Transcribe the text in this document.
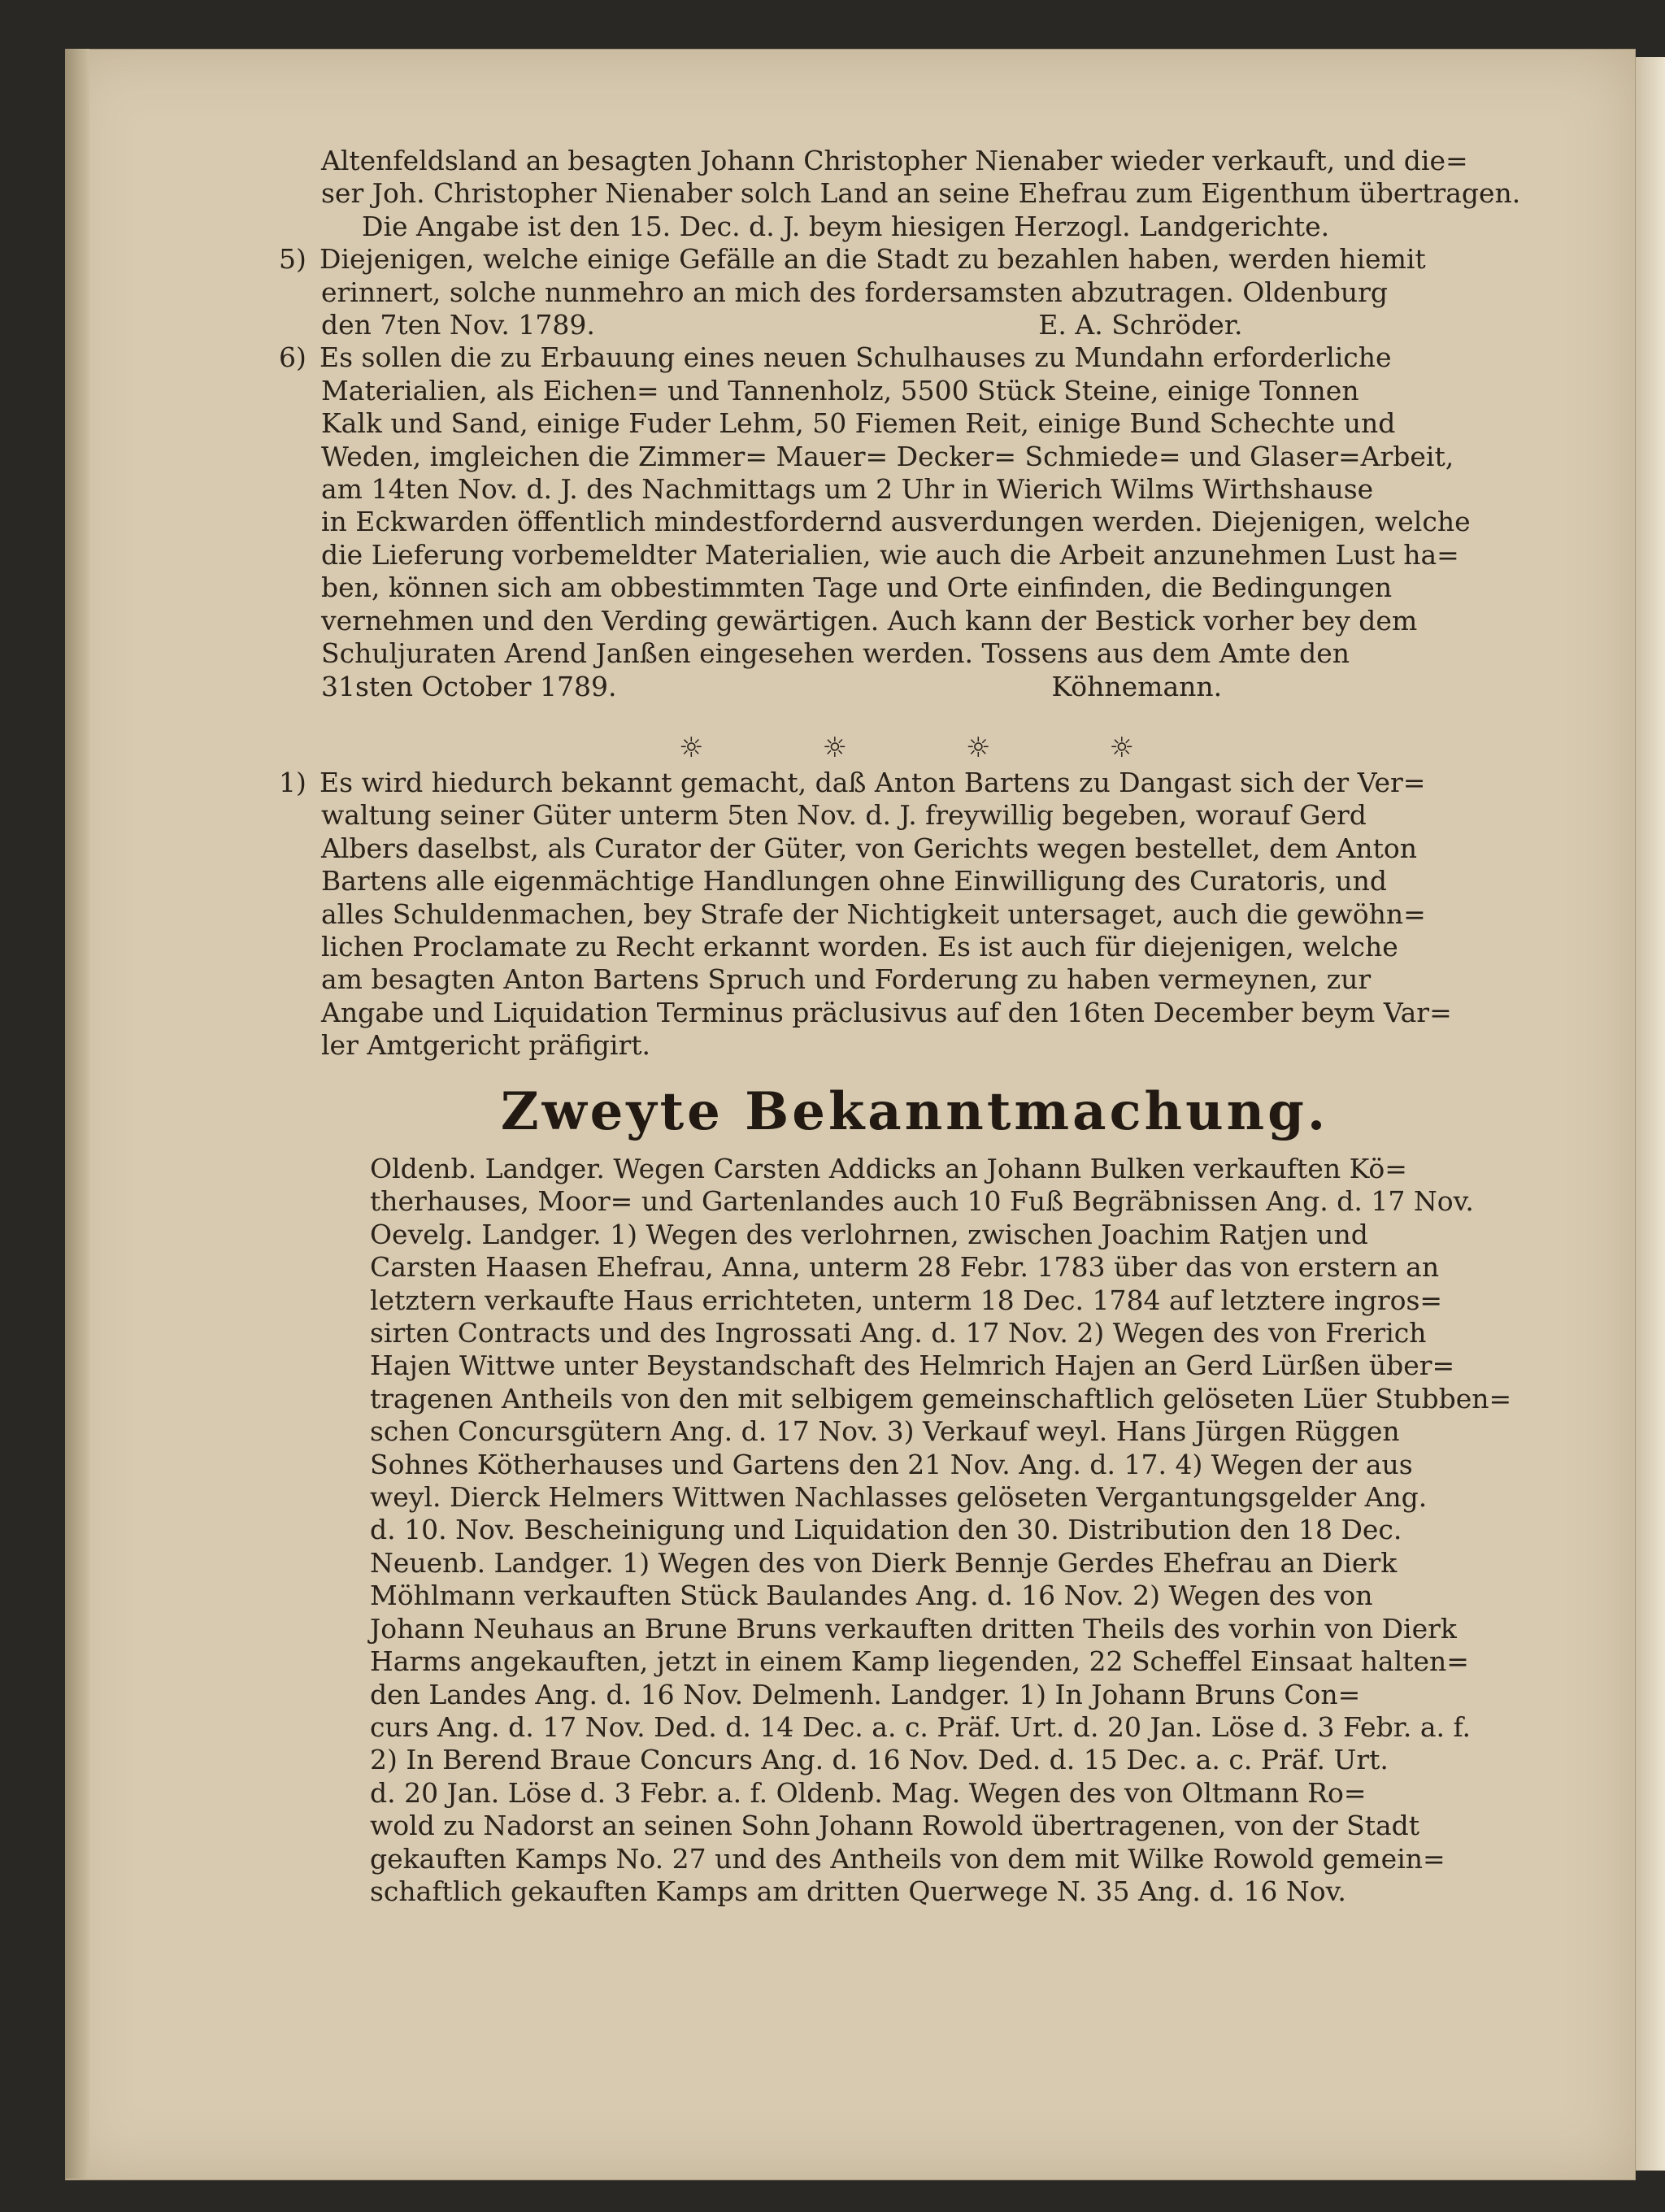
Altenfeldsland an besagten Johann Christopher Nienaber wieder verkauft, und die=
ser Joh. Christopher Nienaber solch Land an seine Ehefrau zum Eigenthum übertragen.
Die Angabe ist den 15. Dec. d. J. beym hiesigen Herzogl. Landgerichte.
5) Diejenigen, welche einige Gefälle an die Stadt zu bezahlen haben, werden hiemit
erinnert, solche nunmehro an mich des fordersamsten abzutragen. Oldenburg
den 7ten Nov. 1789.                                                    E. A. Schröder.
6) Es sollen die zu Erbauung eines neuen Schulhauses zu Mundahn erforderliche
Materialien, als Eichen= und Tannenholz, 5500 Stück Steine, einige Tonnen
Kalk und Sand, einige Fuder Lehm, 50 Fiemen Reit, einige Bund Schechte und
Weden, imgleichen die Zimmer= Mauer= Decker= Schmiede= und Glaser=Arbeit,
am 14ten Nov. d. J. des Nachmittags um 2 Uhr in Wierich Wilms Wirthshause
in Eckwarden öffentlich mindestfordernd ausverdungen werden. Diejenigen, welche
die Lieferung vorbemeldter Materialien, wie auch die Arbeit anzunehmen Lust ha=
ben, können sich am obbestimmten Tage und Orte einfinden, die Bedingungen
vernehmen und den Verding gewärtigen. Auch kann der Bestick vorher bey dem
Schuljuraten Arend Janßen eingesehen werden. Tossens aus dem Amte den
31sten October 1789.                                                   Köhnemann.
☼	☼	☼	☼
1) Es wird hiedurch bekannt gemacht, daß Anton Bartens zu Dangast sich der Ver=
waltung seiner Güter unterm 5ten Nov. d. J. freywillig begeben, worauf Gerd
Albers daselbst, als Curator der Güter, von Gerichts wegen bestellet, dem Anton
Bartens alle eigenmächtige Handlungen ohne Einwilligung des Curatoris, und
alles Schuldenmachen, bey Strafe der Nichtigkeit untersaget, auch die gewöhn=
lichen Proclamate zu Recht erkannt worden. Es ist auch für diejenigen, welche
am besagten Anton Bartens Spruch und Forderung zu haben vermeynen, zur
Angabe und Liquidation Terminus präclusivus auf den 16ten December beym Var=
ler Amtgericht präfigirt.
Zweyte Bekanntmachung.
Oldenb. Landger. Wegen Carsten Addicks an Johann Bulken verkauften Kö=
therhauses, Moor= und Gartenlandes auch 10 Fuß Begräbnissen Ang. d. 17 Nov.
Oevelg. Landger. 1) Wegen des verlohrnen, zwischen Joachim Ratjen und
Carsten Haasen Ehefrau, Anna, unterm 28 Febr. 1783 über das von erstern an
letztern verkaufte Haus errichteten, unterm 18 Dec. 1784 auf letztere ingros=
sirten Contracts und des Ingrossati Ang. d. 17 Nov. 2) Wegen des von Frerich
Hajen Wittwe unter Beystandschaft des Helmrich Hajen an Gerd Lürßen über=
tragenen Antheils von den mit selbigem gemeinschaftlich gelöseten Lüer Stubben=
schen Concursgütern Ang. d. 17 Nov. 3) Verkauf weyl. Hans Jürgen Rüggen
Sohnes Kötherhauses und Gartens den 21 Nov. Ang. d. 17. 4) Wegen der aus
weyl. Dierck Helmers Wittwen Nachlasses gelöseten Vergantungsgelder Ang.
d. 10. Nov. Bescheinigung und Liquidation den 30. Distribution den 18 Dec.
Neuenb. Landger. 1) Wegen des von Dierk Bennje Gerdes Ehefrau an Dierk
Möhlmann verkauften Stück Baulandes Ang. d. 16 Nov. 2) Wegen des von
Johann Neuhaus an Brune Bruns verkauften dritten Theils des vorhin von Dierk
Harms angekauften, jetzt in einem Kamp liegenden, 22 Scheffel Einsaat halten=
den Landes Ang. d. 16 Nov. Delmenh. Landger. 1) In Johann Bruns Con=
curs Ang. d. 17 Nov. Ded. d. 14 Dec. a. c. Präf. Urt. d. 20 Jan. Löse d. 3 Febr. a. f.
2) In Berend Braue Concurs Ang. d. 16 Nov. Ded. d. 15 Dec. a. c. Präf. Urt.
d. 20 Jan. Löse d. 3 Febr. a. f. Oldenb. Mag. Wegen des von Oltmann Ro=
wold zu Nadorst an seinen Sohn Johann Rowold übertragenen, von der Stadt
gekauften Kamps No. 27 und des Antheils von dem mit Wilke Rowold gemein=
schaftlich gekauften Kamps am dritten Querwege N. 35 Ang. d. 16 Nov.
